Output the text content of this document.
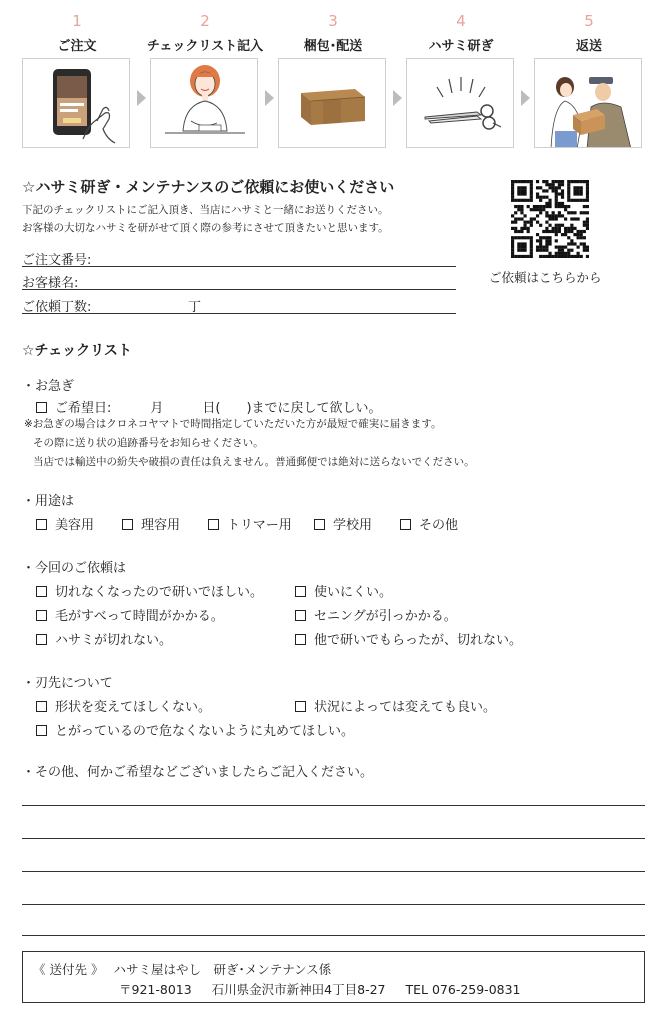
1	2	3	4	5
ご注文	チェックリスト記入	梱包･配送	ハサミ研ぎ	返送
☆ハサミ研ぎ・メンテナンスのご依頼にお使いください
下記のチェックリストにご記入頂き、当店にハサミと一緒にお送りください。
お客様の大切なハサミを研がせて頂く際の参考にさせて頂きたいと思います。
ご依頼はこちらから
ご注文番号:
お客様名:
ご依頼丁数:	丁
☆チェックリスト
・お急ぎ
ご希望日:　　　月　　　日(　　)までに戻して欲しい。
※お急ぎの場合はクロネコヤマトで時間指定していただいた方が最短で確実に届きます。
その際に送り状の追跡番号をお知らせください。
当店では輸送中の紛失や破損の責任は負えません。普通郵便では絶対に送らないでください。
・用途は
美容用	理容用	トリマー用	学校用	その他
・今回のご依頼は
切れなくなったので研いでほしい。	使いにくい。
毛がすべって時間がかかる。	セニングが引っかかる。
ハサミが切れない。	他で研いでもらったが、切れない。
・刃先について
形状を変えてほしくない。	状況によっては変えても良い。
とがっているので危なくないように丸めてほしい。
・その他、何かご希望などございましたらご記入ください。
《 送付先 》 ハサミ屋はやし　研ぎ･メンテナンス係
〒921-8013 石川県金沢市新神田4丁目8-27 TEL 076-259-0831
